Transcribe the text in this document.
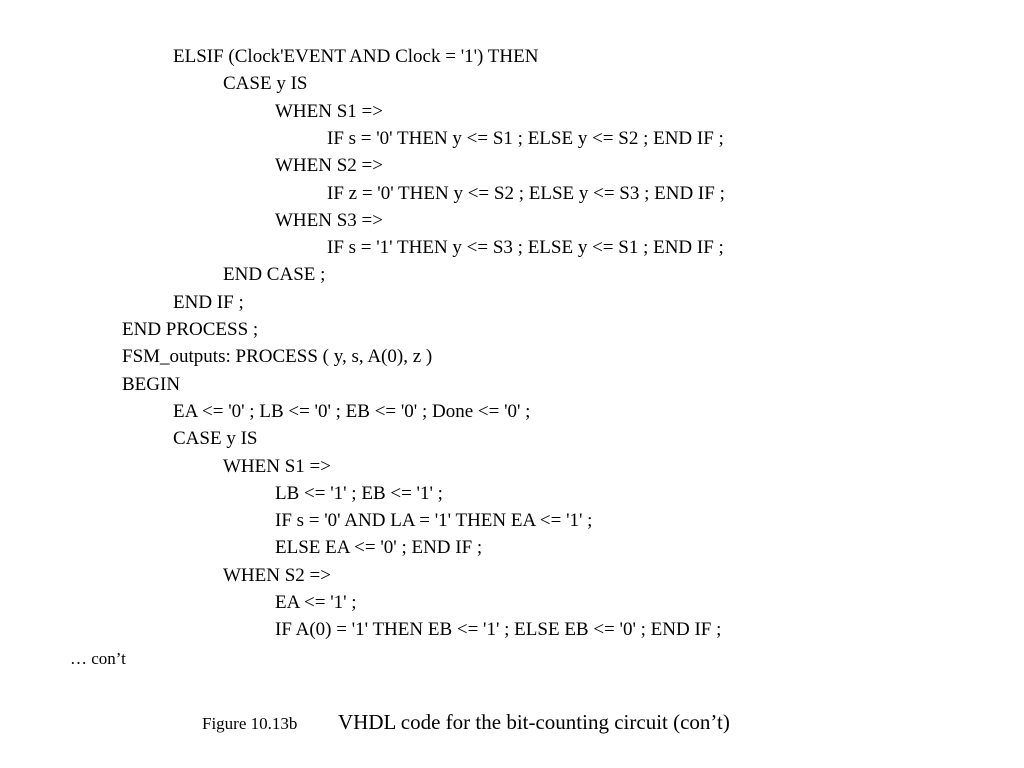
ELSIF (Clock'EVENT AND Clock = '1') THEN
CASE y IS
WHEN S1 =>
IF s = '0' THEN y <= S1 ; ELSE y <= S2 ; END IF ;
WHEN S2 =>
IF z = '0' THEN y <= S2 ; ELSE y <= S3 ; END IF ;
WHEN S3 =>
IF s = '1' THEN y <= S3 ; ELSE y <= S1 ; END IF ;
END CASE ;
END IF ;
END PROCESS ;
FSM_outputs: PROCESS ( y, s, A(0), z )
BEGIN
EA <= '0' ; LB <= '0' ; EB <= '0' ; Done <= '0' ;
CASE y IS
WHEN S1 =>
LB <= '1' ; EB <= '1' ;
IF s = '0' AND LA = '1' THEN EA <= '1' ;
ELSE EA <= '0' ; END IF ;
WHEN S2 =>
EA <= '1' ;
IF A(0) = '1' THEN EB <= '1' ; ELSE EB <= '0' ; END IF ;
… con’t

Figure 10.13b

VHDL code for the bit-counting circuit (con’t)
